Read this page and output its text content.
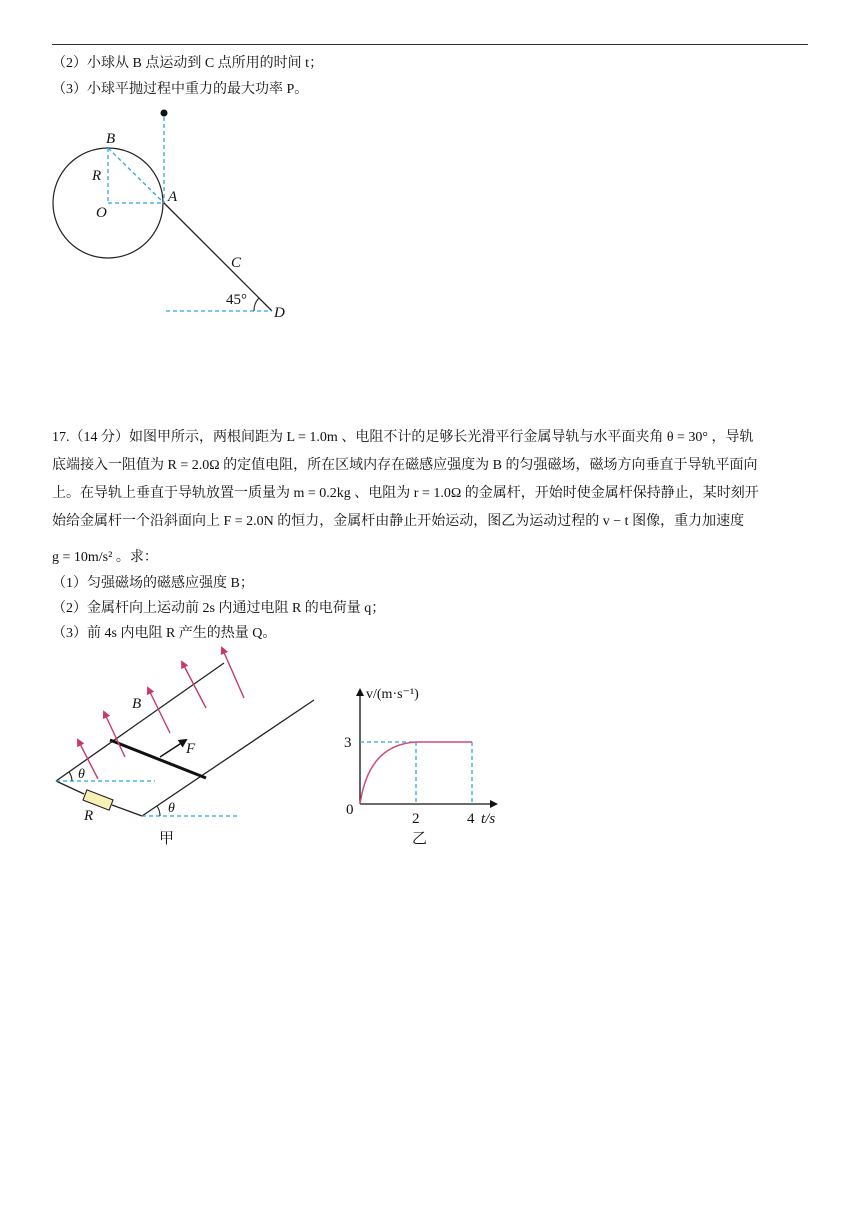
（2）小球从 B 点运动到 C 点所用的时间 t；
（3）小球平抛过程中重力的最大功率 P。
B
R
O
A
C
D
45°
17.（14 分）如图甲所示，两根间距为 L = 1.0m 、电阻不计的足够长光滑平行金属导轨与水平面夹角 θ = 30° ，导轨
底端接入一阻值为 R = 2.0Ω 的定值电阻，所在区域内存在磁感应强度为 B 的匀强磁场，磁场方向垂直于导轨平面向
上。在导轨上垂直于导轨放置一质量为 m = 0.2kg 、电阻为 r = 1.0Ω 的金属杆，开始时使金属杆保持静止，某时刻开
始给金属杆一个沿斜面向上 F = 2.0N 的恒力，金属杆由静止开始运动，图乙为运动过程的 v − t 图像，重力加速度
g = 10m/s² 。求：
（1）匀强磁场的磁感应强度 B；
（2）金属杆向上运动前 2s 内通过电阻 R 的电荷量 q；
（3）前 4s 内电阻 R 产生的热量 Q。
B
F
θ
θ
R
甲
v/(m·s⁻¹)
3
0
2	4 t/s
乙
